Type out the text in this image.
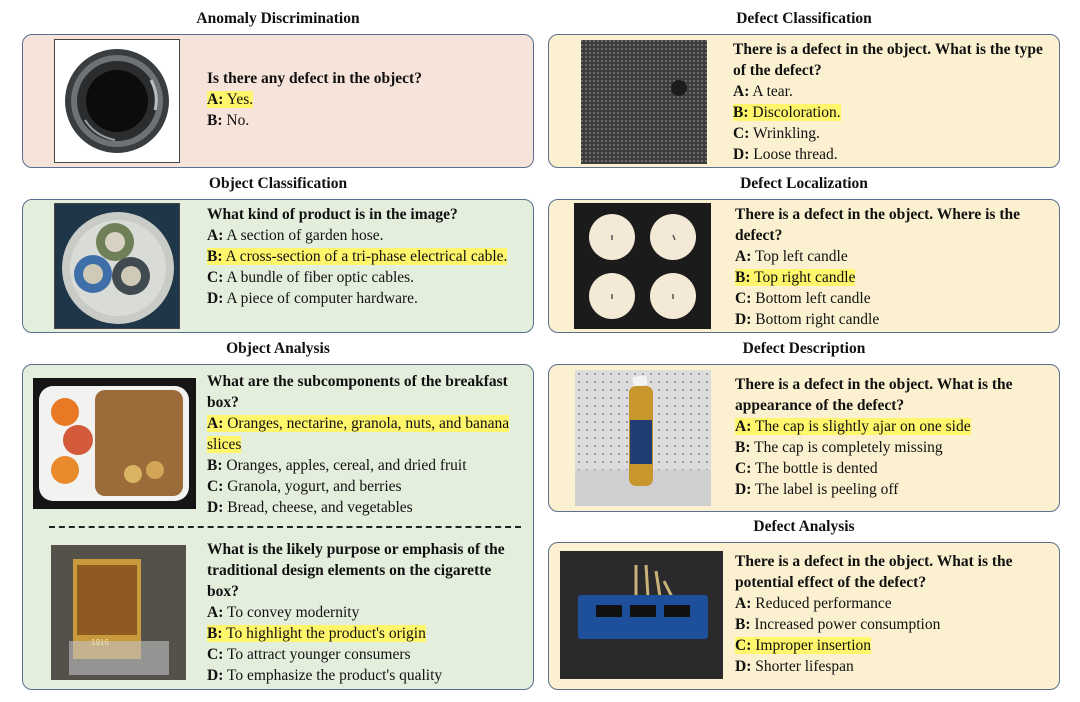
Anomaly Discrimination
Is there any defect in the object?
A: Yes.
B: No.
Object Classification
What kind of product is in the image?
A: A section of garden hose.
B: A cross-section of a tri-phase electrical cable.
C: A bundle of fiber optic cables.
D: A piece of computer hardware.
Object Analysis
What are the subcomponents of the breakfast box?
A: Oranges, nectarine, granola, nuts, and banana slices
B: Oranges, apples, cereal, and dried fruit
C: Granola, yogurt, and berries
D: Bread, cheese, and vegetables
1916
What is the likely purpose or emphasis of the traditional design elements on the cigarette box?
A: To convey modernity
B: To highlight the product's origin
C: To attract younger consumers
D: To emphasize the product's quality
Defect Classification
There is a defect in the object. What is the type of the defect?
A: A tear.
B: Discoloration.
C: Wrinkling.
D: Loose thread.
Defect Localization
There is a defect in the object. Where is the defect?
A: Top left candle
B: Top right candle
C: Bottom left candle
D: Bottom right candle
Defect Description
There is a defect in the object. What is the appearance of the defect?
A: The cap is slightly ajar on one side
B: The cap is completely missing
C: The bottle is dented
D: The label is peeling off
Defect Analysis
There is a defect in the object. What is the potential effect of the defect?
A: Reduced performance
B: Increased power consumption
C: Improper insertion
D: Shorter lifespan
